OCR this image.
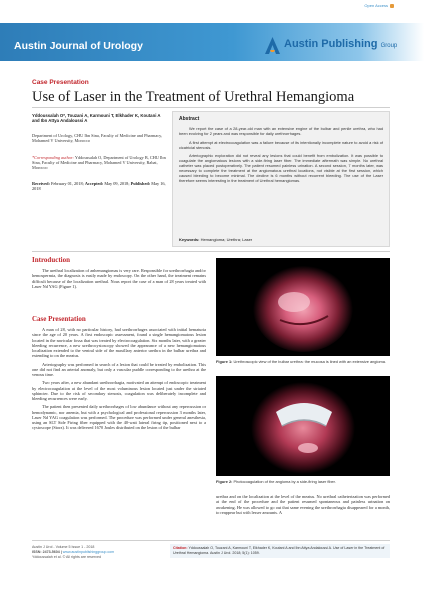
Open Access
Austin Journal of Urology	Austin Publishing Group
Case Presentation
Use of Laser in the Treatment of Urethral Hemangioma
Yddoussalah O*, Touzani A, Karmouni T, Elkhader K, Koutani A and Ibn Attya Andaloussi A
Department of Urology, CHU Ibn Sina, Faculty of Medicine and Pharmacy, Mohamed V University, Morocco
*Corresponding author: Yddoussalah O, Department of Urology B, CHU Ibn Sina, Faculty of Medicine and Pharmacy, Mohamed V University, Rabat, Morocco
Received: February 01, 2018; Accepted: May 09, 2018; Published: May 16, 2018
Abstract

We report the case of a 28-year-old man with an extensive engine of the bulbar and penile urethra, who had been evolving for 2 years and was responsible for daily urethrorrhages.

A first attempt at electrocoagulation was a failure because of its intentionally incomplete nature to avoid a risk of cicatricial stenosis.

Arteriographic exploration did not reveal any lesions that could benefit from embolization. It was possible to coagulate the angiomatous lesions with a side-firing laser fiber. The immediate aftermath was simple. No urethral catheter was placed postoperatively. The patient resumed painless urination. A second session, 7 months later, was necessary to complete the treatment at the angiomatous urethral locations, not visible at the first session, which caused bleeding to become minimal. The decline is 6 months without recurrent bleeding. The use of the Laser therefore seems interesting in the treatment of Urethral hemangiomas.

Keywords: Hemangioma; Urethra; Laser
Introduction

The urethral localization of anhemangiomas is very rare. Responsible for urethrorrhagia and/or hemospermia, the diagnosis is easily made by endoscopy. On the other hand, the treatment remains difficult because of the localization urethral. Nous report the case of a man of 28 years treated with Laser Nd YAG (Figure 1).

Case Presentation

A man of 28, with no particular history, had urethrorrhages associated with initial hematuria since the age of 20 years. A first endoscopic assessment, found a single hemangiomatous lesion located in the navicular fossa that was treated by electrocoagulation. Six months later, with a greater bleeding recurrence, a new urethrocystoscopy showed the appearance of a new hemangiomatous localization extended to the ventral side of the maxillary anterior urethra in the bulbar urethra and extending to on the meatus.

Arteriography was performed in search of a lesion that could be treated by embolization. This one did not find an arterial anomaly, but only a vascular puddle corresponding to the urethra at the venous time.

Two years after, a new abundant urethrorrhagia, motivated an attempt of endoscopic treatment by electrocoagulation at the level of the most voluminous lesion located just under the striated sphincter. Due to the risk of secondary stenosis, coagulation was deliberately incomplete and bleeding recurrences were early.

The patient then presented daily urethrorrhages of low abundance without any repercussion or hemodynamic, nor anemia, but with a psychological and professional repercussion 3 months later, Laser Nd YAG coagulation was performed. The procedure was performed under general anesthesia, using an SLT Side Firing fiber equipped with the 40-watt lateral firing tip, positioned next to a cystoscope (Storz). It was delivered 1670 Joules distributed on the lesion of the bulbar

Figure 1: Urethroscopic view of the bulbar urethra: the mucosa is lined with an extensive angioma.
Figure 2: Photocoagulation of the angioma by a side-firing laser fiber.

urethra and on the localization at the level of the meatus. No urethral catheterization was performed at the end of the procedure and the patient resumed spontaneous and painless urination on awakening. He was allowed to go out that same evening the urethrorrhagia disappeared for a month, to reappear but with lesser amounts. A

Austin J Urol - Volume 5 Issue 1 - 2018
ISSN: 2473-5604 | www.austinpublishinggroup.com
Yddoussalah et al. © All rights are reserved
Citation: Yddoussalah O, Touzani A, Karmouni T, Elkhader K, Koutani A and Ibn Attya Andaloussi A. Use of Laser in the Treatment of Urethral Hemangioma. Austin J Urol. 2018; 5(1): 1059.
